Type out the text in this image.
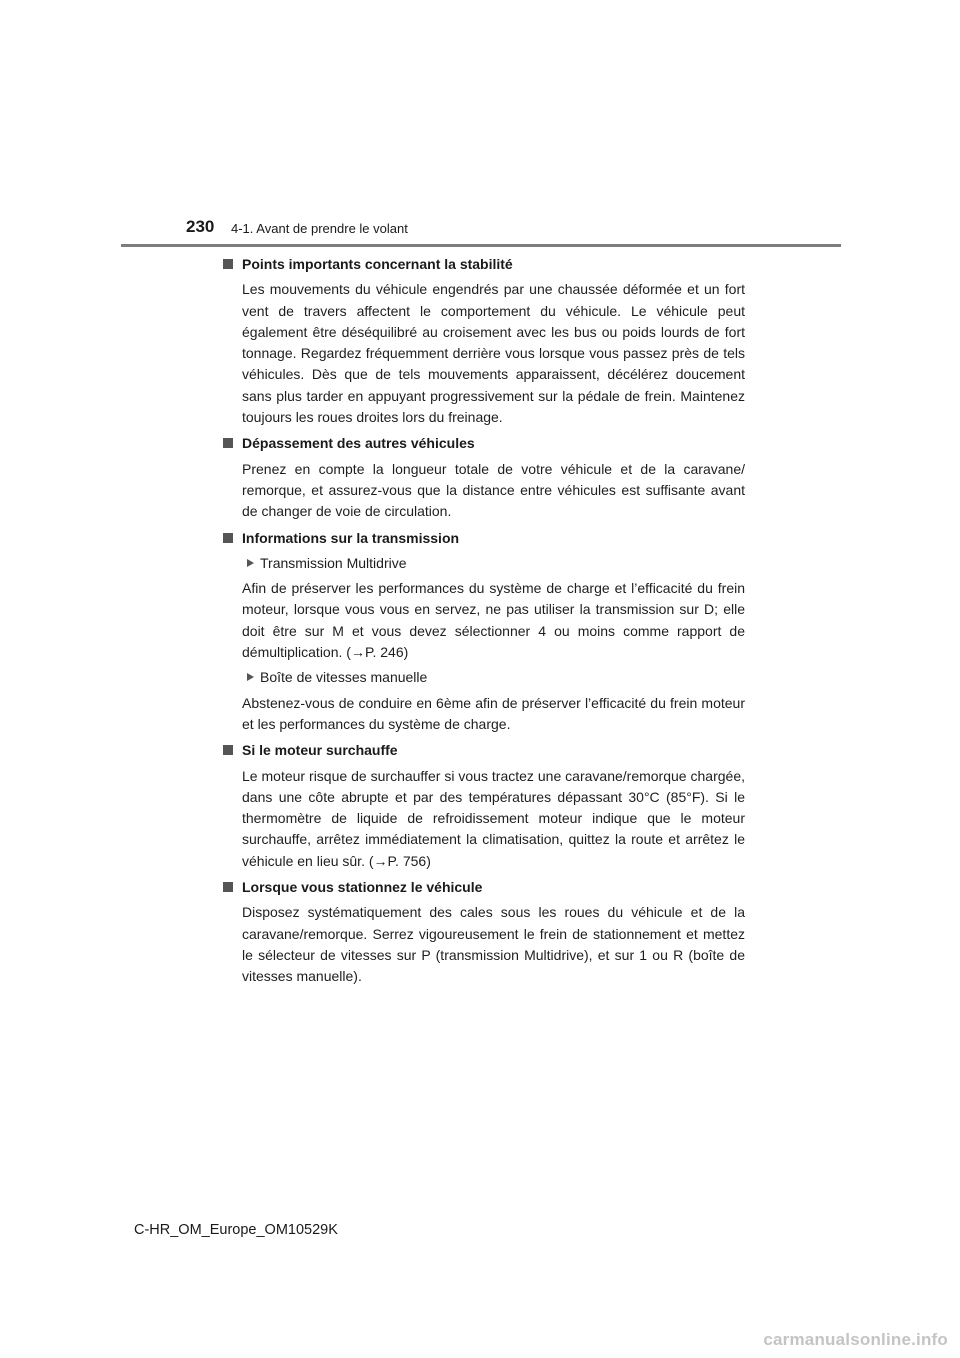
230 4-1. Avant de prendre le volant
Points importants concernant la stabilité

Les mouvements du véhicule engendrés par une chaussée déformée et un fort vent de travers affectent le comportement du véhicule. Le véhicule peut également être déséquilibré au croisement avec les bus ou poids lourds de fort tonnage. Regardez fréquemment derrière vous lorsque vous passez près de tels véhicules. Dès que de tels mouvements apparaissent, décélérez doucement sans plus tarder en appuyant progressivement sur la pédale de frein. Maintenez toujours les roues droites lors du freinage.

Dépassement des autres véhicules

Prenez en compte la longueur totale de votre véhicule et de la caravane/ remorque, et assurez-vous que la distance entre véhicules est suffisante avant de changer de voie de circulation.

Informations sur la transmission
Transmission Multidrive

Afin de préserver les performances du système de charge et l’efficacité du frein moteur, lorsque vous vous en servez, ne pas utiliser la transmission sur D; elle doit être sur M et vous devez sélectionner 4 ou moins comme rapport de démultiplication. (→P. 246)

Boîte de vitesses manuelle

Abstenez-vous de conduire en 6ème afin de préserver l’efficacité du frein moteur et les performances du système de charge.

Si le moteur surchauffe

Le moteur risque de surchauffer si vous tractez une caravane/remorque chargée, dans une côte abrupte et par des températures dépassant 30°C (85°F). Si le thermomètre de liquide de refroidissement moteur indique que le moteur surchauffe, arrêtez immédiatement la climatisation, quittez la route et arrêtez le véhicule en lieu sûr. (→P. 756)

Lorsque vous stationnez le véhicule

Disposez systématiquement des cales sous les roues du véhicule et de la caravane/remorque. Serrez vigoureusement le frein de stationnement et mettez le sélecteur de vitesses sur P (transmission Multidrive), et sur 1 ou R (boîte de vitesses manuelle).

C-HR_OM_Europe_OM10529K
carmanualsonline.info
